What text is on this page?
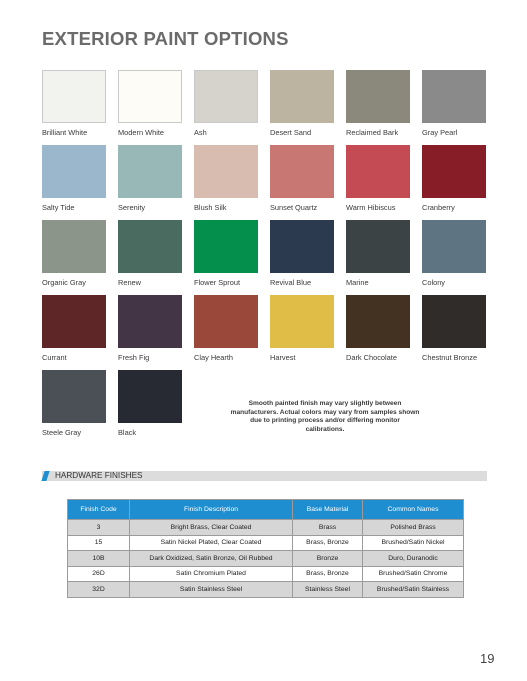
EXTERIOR PAINT OPTIONS
Brilliant White	Modern White	Ash	Desert Sand	Reclaimed Bark	Gray Pearl
Salty Tide	Serenity	Blush Silk	Sunset Quartz	Warm Hibiscus	Cranberry
Organic Gray	Renew	Flower Sprout	Revival Blue	Marine	Colony
Currant	Fresh Fig	Clay Hearth	Harvest	Dark Chocolate	Chestnut Bronze
Steele Gray	Black
Smooth painted finish may vary slightly between manufacturers. Actual colors may vary from samples shown due to printing process and/or differing monitor calibrations.
HARDWARE FINISHES
Finish Code	Finish Description	Base Material	Common Names
3	Bright Brass, Clear Coated	Brass	Polished Brass
15	Satin Nickel Plated, Clear Coated	Brass, Bronze	Brushed/Satin Nickel
10B	Dark Oxidized, Satin Bronze, Oil Rubbed	Bronze	Duro, Duranodic
26D	Satin Chromium Plated	Brass, Bronze	Brushed/Satin Chrome
32D	Satin Stainless Steel	Stainless Steel	Brushed/Satin Stainless
19
